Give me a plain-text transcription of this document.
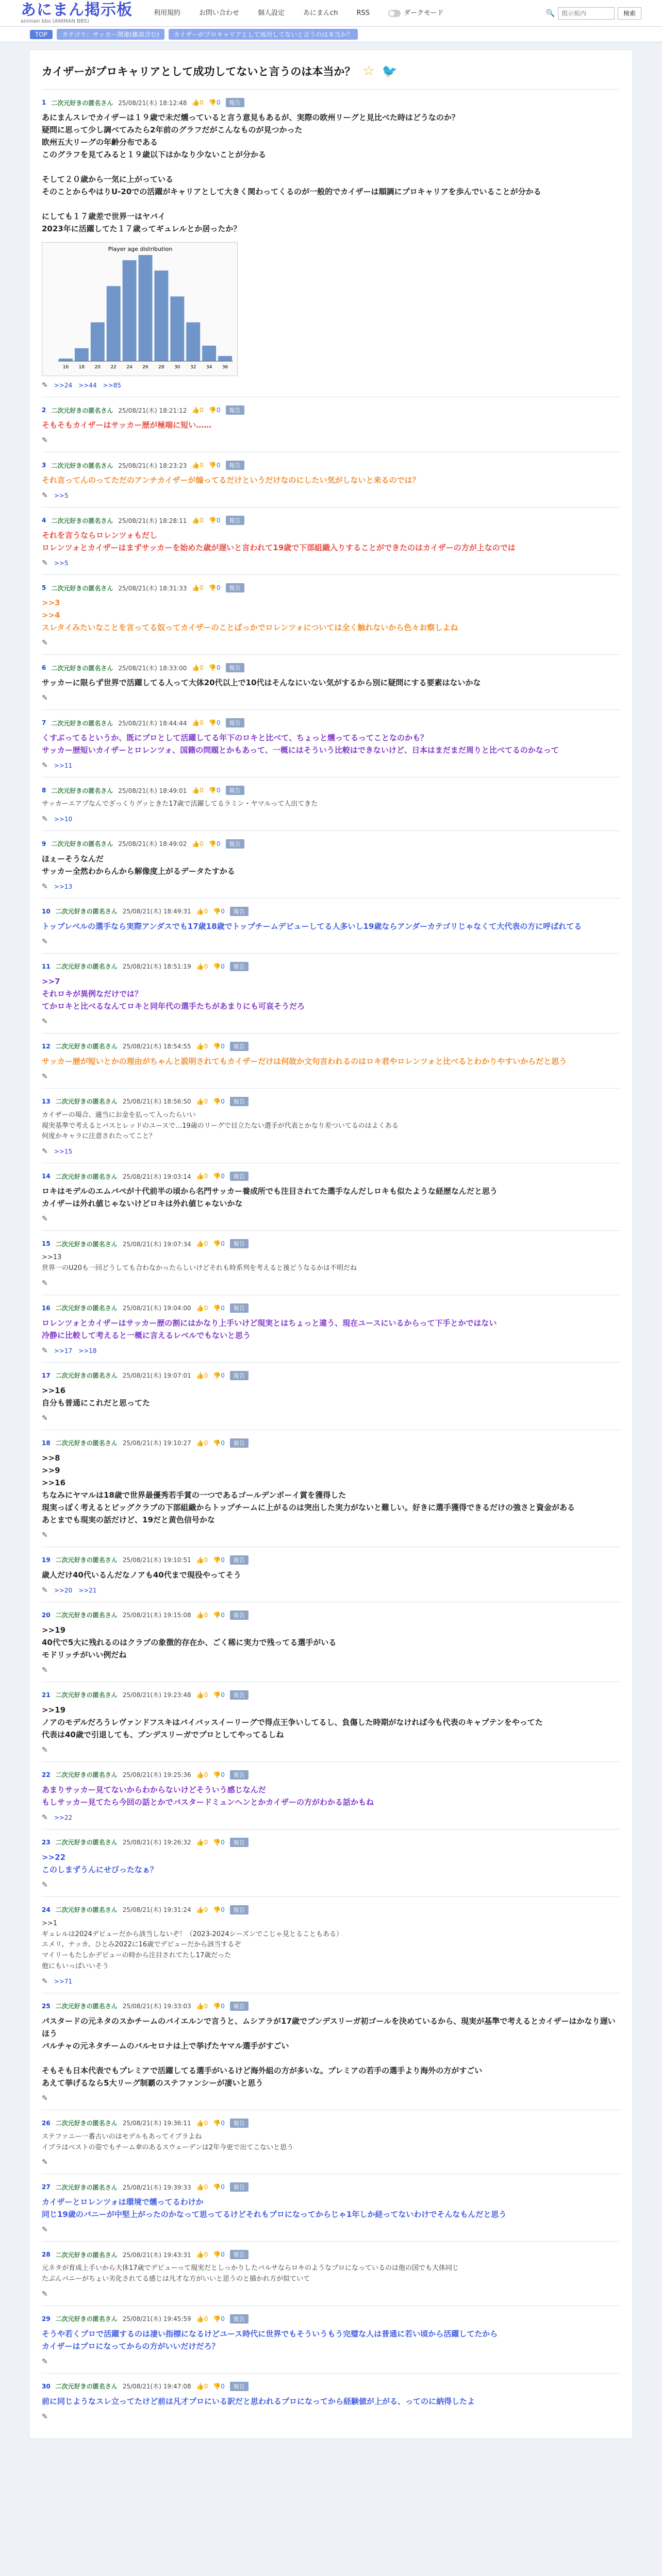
あにまん掲示板
animan bbs (ANIMAN BBS)
利用規約	お問い合わせ	個人設定	あにまんch	RSS	ダークモード	🔍
掲示板内	検索
TOP	カテゴリ：サッカー関連(雑談含む)	カイザーがプロキャリアとして成功してないと言うのは本当か？
カイザーがプロキャリアとして成功してないと言うのは本当か？ ☆ 🐦
1 二次元好きの匿名さん 25/08/21(木) 18:12:48 👍0 👎0	報告
あにまんスレでカイザーは１９歳で未だ燻っていると言う意見もあるが、実際の欧州リーグと見比べた時はどうなのか？
疑問に思って少し調べてみたら2年前のグラフだがこんなものが見つかった
欧州五大リーグの年齢分布である
このグラフを見てみると１９歳以下はかなり少ないことが分かる

そして２０歳から一気に上がっている
そのことからやはりU-20での活躍がキャリアとして大きく関わってくるのが一般的でカイザーは順調にプロキャリアを歩んでいることが分かる

にしても１７歳差で世界一はヤバイ
2023年に活躍してた１７歳ってギュレルとか居ったか？
Player age distribution
16 18 20 22 24 26 28 30 32 34 36
✎ >>24 >>44 >>85
2 二次元好きの匿名さん 25/08/21(木) 18:21:12 👍0 👎0	報告
そもそもカイザーはサッカー歴が極端に短い……
✎
3 二次元好きの匿名さん 25/08/21(木) 18:23:23 👍0 👎0	報告
それ言ってんのってただのアンチカイザーが煽ってるだけというだけなのにしたい気がしないと来るのでは？
✎ >>5
4 二次元好きの匿名さん 25/08/21(木) 18:28:11 👍0 👎0	報告
それを言うならロレンツォもだし
ロレンツォとカイザーはまずサッカーを始めた歳が遅いと言われて19歳で下部組織入りすることができたのはカイザーの方が上なのでは
✎ >>5
5 二次元好きの匿名さん 25/08/21(木) 18:31:33 👍0 👎0	報告
>>3
>>4
スレタイみたいなことを言ってる奴ってカイザーのことばっかでロレンツォについては全く触れないから色々お察しよね
✎
6 二次元好きの匿名さん 25/08/21(木) 18:33:00 👍0 👎0	報告
サッカーに限らず世界で活躍してる人って大体20代以上で10代はそんなにいない気がするから別に疑問にする要素はないかな
✎
7 二次元好きの匿名さん 25/08/21(木) 18:44:44 👍0 👎0	報告
くすぶってるというか、既にプロとして活躍してる年下のロキと比べて、ちょっと燻ってるってことなのかも？
サッカー歴短いカイザーとロレンツォ、国籍の問題とかもあって、一概にはそういう比較はできないけど、日本はまだまだ周りと比べてるのかなって
✎ >>11
8 二次元好きの匿名さん 25/08/21(木) 18:49:01 👍0 👎0	報告
サッカーエアプなんでざっくりグッときた17歳で活躍してるラミン・ヤマルって人出てきた
✎ >>10
9 二次元好きの匿名さん 25/08/21(木) 18:49:02 👍0 👎0	報告
ほぇーそうなんだ
サッカー全然わからんから解像度上がるデータたすかる
✎ >>13
10 二次元好きの匿名さん 25/08/21(木) 18:49:31 👍0 👎0	報告
トップレベルの選手なら実際アンダスでも17歳18歳でトップチームデビューしてる人多いし19歳ならアンダーカテゴリじゃなくて大代表の方に呼ばれてる
✎
11 二次元好きの匿名さん 25/08/21(木) 18:51:19 👍0 👎0	報告
>>7
それロキが異例なだけでは？
てかロキと比べるなんてロキと同年代の選手たちがあまりにも可哀そうだろ
✎
12 二次元好きの匿名さん 25/08/21(木) 18:54:55 👍0 👎0	報告
サッカー歴が短いとかの理由がちゃんと説明されてもカイザーだけは何故か文句言われるのはロキ君やロレンツォと比べるとわかりやすいからだと思う
✎
13 二次元好きの匿名さん 25/08/21(木) 18:56:50 👍0 👎0	報告
カイザーの場合、適当にお金を払って入ったらいい
現実基準で考えるとバスとレッドのユースで…19歳のリーグで目立たない選手が代表とかなり差ついてるのはよくある
何度かキャラに注意されたってこと？
✎ >>15
14 二次元好きの匿名さん 25/08/21(木) 19:03:14 👍0 👎0	報告
ロキはモデルのエムバペが十代前半の頃から名門サッカー養成所でも注目されてた選手なんだしロキも似たような経歴なんだと思う
カイザーは外れ値じゃないけどロキは外れ値じゃないかな
✎
15 二次元好きの匿名さん 25/08/21(木) 19:07:34 👍0 👎0	報告
>>13
世界一のU20も一回どうしても合わなかったらしいけどそれも時系列を考えると後どうなるかは不明だね
✎
16 二次元好きの匿名さん 25/08/21(木) 19:04:00 👍0 👎0	報告
ロレンツォとカイザーはサッカー歴の割にはかなり上手いけど現実とはちょっと違う、現在ユースにいるからって下手とかではない
冷静に比較して考えると一概に言えるレベルでもないと思う
✎ >>17 >>18
17 二次元好きの匿名さん 25/08/21(木) 19:07:01 👍0 👎0	報告
>>16
自分も普通にこれだと思ってた
✎
18 二次元好きの匿名さん 25/08/21(木) 19:10:27 👍0 👎0	報告
>>8
>>9
>>16
ちなみにヤマルは18歳で世界最優秀若手賞の一つであるゴールデンボーイ賞を獲得した
現実っぽく考えるとビッグクラブの下部組織からトップチームに上がるのは突出した実力がないと難しい。好きに選手獲得できるだけの強さと資金がある
あとまでも現実の話だけど、19だと黄色信号かな
✎
19 二次元好きの匿名さん 25/08/21(木) 19:10:51 👍0 👎0	報告
歳人だけ40代いるんだなノアも40代まで現役やってそう
✎ >>20 >>21
20 二次元好きの匿名さん 25/08/21(木) 19:15:08 👍0 👎0	報告
>>19
40代で5大に残れるのはクラブの象徴的存在か、ごく稀に実力で残ってる選手がいる
モドリッチがいい例だね
✎
21 二次元好きの匿名さん 25/08/21(木) 19:23:48 👍0 👎0	報告
>>19
ノアのモデルだろうレヴァンドフスキはバイバッスイーリーグで得点王争いしてるし、負傷した時期がなければ今も代表のキャプテンをやってた
代表は40歳で引退しても、ブンデスリーガでプロとしてやってるしね
✎
22 二次元好きの匿名さん 25/08/21(木) 19:25:36 👍0 👎0	報告
あまりサッカー見てないからわからないけどそういう感じなんだ
もしサッカー見てたら今回の話とかでバスタードミュンヘンとかカイザーの方がわかる話かもね
✎ >>22
23 二次元好きの匿名さん 25/08/21(木) 19:26:32 👍0 👎0	報告
>>22
このしまずうんにせびったなぁ？
✎
24 二次元好きの匿名さん 25/08/21(木) 19:31:24 👍0 👎0	報告
>>1
ギュレルは2024デビューだから該当しないぞ！（2023-2024シーズンでこじゃ見とることもある）
エメリ、ナッカ、ひとみ2022に16歳でデビューだから該当するぞ
マイリーもたしかデビューの時から注目されてたし17歳だった
他にもいっぱいいそう
✎ >>71
25 二次元好きの匿名さん 25/08/21(木) 19:33:03 👍0 👎0	報告
パスタードの元ネタのスかチームのバイエルンで言うと、ムシアラが17歳でブンデスリーガ初ゴールを決めているから、現実が基準で考えるとカイザーはかなり遅いほう
バルチャの元ネタチームのバルセロナは上で挙げたヤマル選手がすごい

そもそも日本代表でもプレミアで活躍してる選手がいるけど海外組の方が多いな。プレミアの若手の選手より海外の方がすごい
あえて挙げるなら5大リーグ制覇のステファンシーが凄いと思う
✎
26 二次元好きの匿名さん 25/08/21(木) 19:36:11 👍0 👎0	報告
ステファニー一番古いのはモデルもあってイブラよね
イブラはベストの姿でもチーム傘のあるスウェーデンは2年今更で出てこないと思う
✎
27 二次元好きの匿名さん 25/08/21(木) 19:39:33 👍0 👎0	報告
カイザーとロレンツォは環境で燻ってるわけか
同じ19歳のバニーが中堅上がったのかなって思ってるけどそれもプロになってからじゃ1年しか経ってないわけでそんなもんだと思う
✎
28 二次元好きの匿名さん 25/08/21(木) 19:43:31 👍0 👎0	報告
元ネタが育成上手いから大体17歳でデビューって現実だとしっかりしたバルサならロキのようなプロになっているのは他の国でも大体同じ
たぶんバニーがちょい劣化されてる感じは凡才な方がいいと思うのと描かれ方が似ていて
✎
29 二次元好きの匿名さん 25/08/21(木) 19:45:59 👍0 👎0	報告
そうや若くプロで活躍するのは凄い指標になるけどユース時代に世界でもそういうもう完璧な人は普通に若い頃から活躍してたから
カイザーはプロになってからの方がいいだけだろ？
✎
30 二次元好きの匿名さん 25/08/21(木) 19:47:08 👍0 👎0	報告
前に同じようなスレ立ってたけど前は凡才プロにいる訳だと思われるプロになってから経験値が上がる、ってのに納得したよ
✎
